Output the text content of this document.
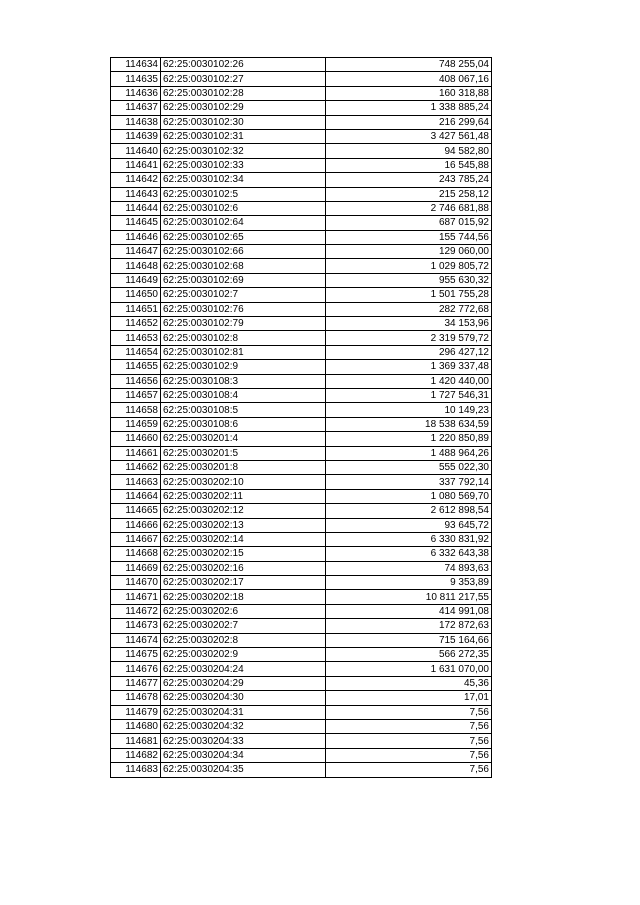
114634	62:25:0030102:26	748 255,04
114635	62:25:0030102:27	408 067,16
114636	62:25:0030102:28	160 318,88
114637	62:25:0030102:29	1 338 885,24
114638	62:25:0030102:30	216 299,64
114639	62:25:0030102:31	3 427 561,48
114640	62:25:0030102:32	94 582,80
114641	62:25:0030102:33	16 545,88
114642	62:25:0030102:34	243 785,24
114643	62:25:0030102:5	215 258,12
114644	62:25:0030102:6	2 746 681,88
114645	62:25:0030102:64	687 015,92
114646	62:25:0030102:65	155 744,56
114647	62:25:0030102:66	129 060,00
114648	62:25:0030102:68	1 029 805,72
114649	62:25:0030102:69	955 630,32
114650	62:25:0030102:7	1 501 755,28
114651	62:25:0030102:76	282 772,68
114652	62:25:0030102:79	34 153,96
114653	62:25:0030102:8	2 319 579,72
114654	62:25:0030102:81	296 427,12
114655	62:25:0030102:9	1 369 337,48
114656	62:25:0030108:3	1 420 440,00
114657	62:25:0030108:4	1 727 546,31
114658	62:25:0030108:5	10 149,23
114659	62:25:0030108:6	18 538 634,59
114660	62:25:0030201:4	1 220 850,89
114661	62:25:0030201:5	1 488 964,26
114662	62:25:0030201:8	555 022,30
114663	62:25:0030202:10	337 792,14
114664	62:25:0030202:11	1 080 569,70
114665	62:25:0030202:12	2 612 898,54
114666	62:25:0030202:13	93 645,72
114667	62:25:0030202:14	6 330 831,92
114668	62:25:0030202:15	6 332 643,38
114669	62:25:0030202:16	74 893,63
114670	62:25:0030202:17	9 353,89
114671	62:25:0030202:18	10 811 217,55
114672	62:25:0030202:6	414 991,08
114673	62:25:0030202:7	172 872,63
114674	62:25:0030202:8	715 164,66
114675	62:25:0030202:9	566 272,35
114676	62:25:0030204:24	1 631 070,00
114677	62:25:0030204:29	45,36
114678	62:25:0030204:30	17,01
114679	62:25:0030204:31	7,56
114680	62:25:0030204:32	7,56
114681	62:25:0030204:33	7,56
114682	62:25:0030204:34	7,56
114683	62:25:0030204:35	7,56
